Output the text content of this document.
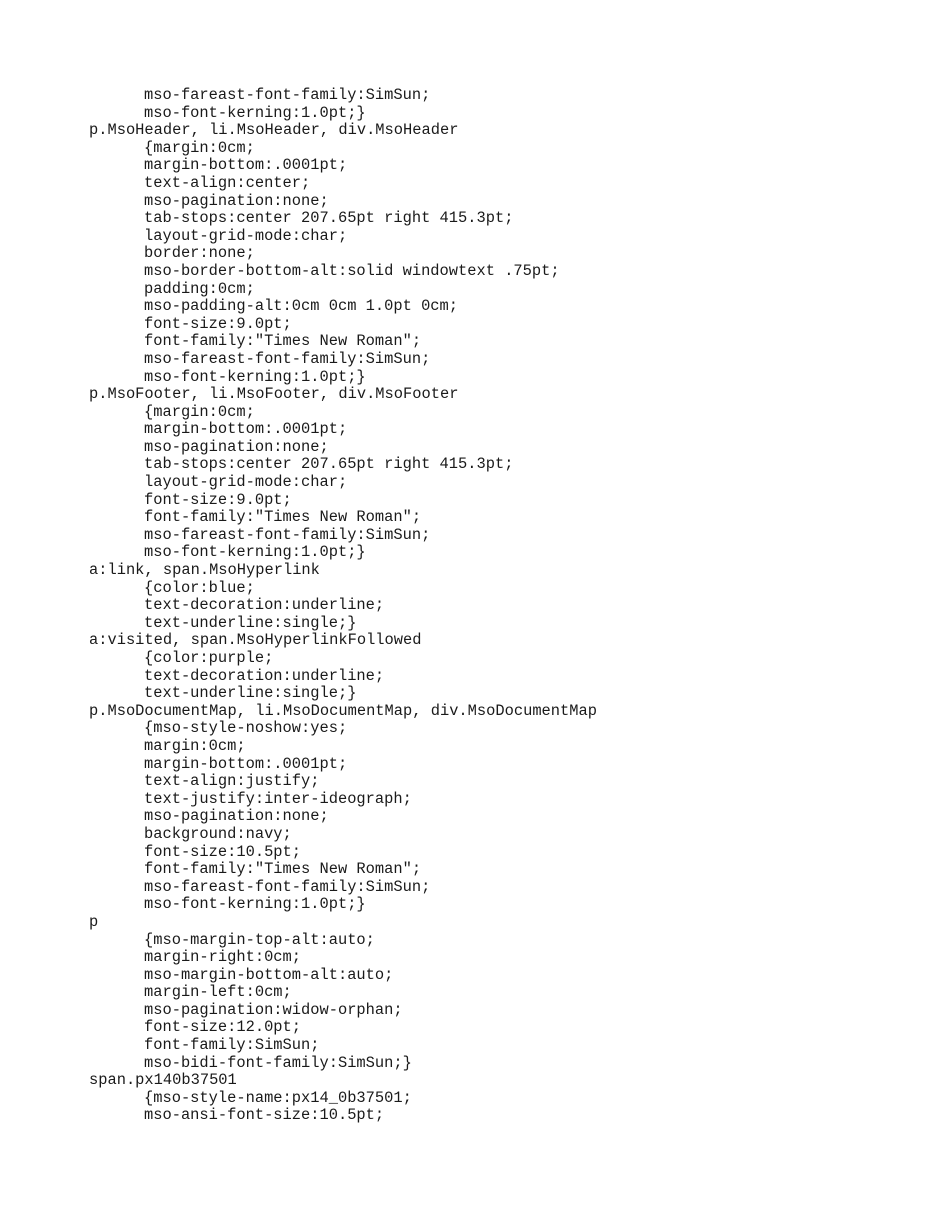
mso-fareast-font-family:SimSun;
mso-font-kerning:1.0pt;}
p.MsoHeader, li.MsoHeader, div.MsoHeader
{margin:0cm;
margin-bottom:.0001pt;
text-align:center;
mso-pagination:none;
tab-stops:center 207.65pt right 415.3pt;
layout-grid-mode:char;
border:none;
mso-border-bottom-alt:solid windowtext .75pt;
padding:0cm;
mso-padding-alt:0cm 0cm 1.0pt 0cm;
font-size:9.0pt;
font-family:"Times New Roman";
mso-fareast-font-family:SimSun;
mso-font-kerning:1.0pt;}
p.MsoFooter, li.MsoFooter, div.MsoFooter
{margin:0cm;
margin-bottom:.0001pt;
mso-pagination:none;
tab-stops:center 207.65pt right 415.3pt;
layout-grid-mode:char;
font-size:9.0pt;
font-family:"Times New Roman";
mso-fareast-font-family:SimSun;
mso-font-kerning:1.0pt;}
a:link, span.MsoHyperlink
{color:blue;
text-decoration:underline;
text-underline:single;}
a:visited, span.MsoHyperlinkFollowed
{color:purple;
text-decoration:underline;
text-underline:single;}
p.MsoDocumentMap, li.MsoDocumentMap, div.MsoDocumentMap
{mso-style-noshow:yes;
margin:0cm;
margin-bottom:.0001pt;
text-align:justify;
text-justify:inter-ideograph;
mso-pagination:none;
background:navy;
font-size:10.5pt;
font-family:"Times New Roman";
mso-fareast-font-family:SimSun;
mso-font-kerning:1.0pt;}
p
{mso-margin-top-alt:auto;
margin-right:0cm;
mso-margin-bottom-alt:auto;
margin-left:0cm;
mso-pagination:widow-orphan;
font-size:12.0pt;
font-family:SimSun;
mso-bidi-font-family:SimSun;}
span.px140b37501
{mso-style-name:px14_0b37501;
mso-ansi-font-size:10.5pt;
